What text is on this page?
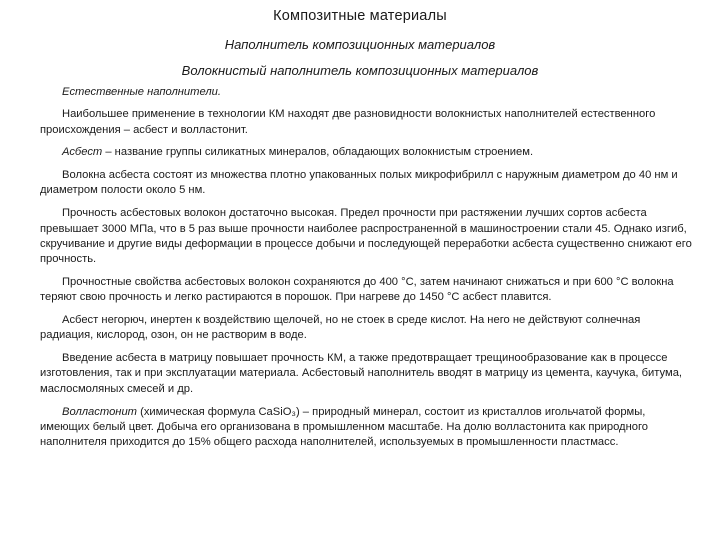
Композитные материалы
Наполнитель композиционных материалов
Волокнистый наполнитель композиционных материалов

Естественные наполнители.

Наибольшее применение в технологии КМ находят две разновидности волокнистых наполнителей естественного происхождения – асбест и волластонит.

Асбест – название группы силикатных минералов, обладающих волокнистым строением.

Волокна асбеста состоят из множества плотно упакованных полых микрофибрилл с наружным диаметром до 40 нм и диаметром полости около 5 нм.

Прочность асбестовых волокон достаточно высокая. Предел прочности при растяжении лучших сортов асбеста превышает 3000 МПа, что в 5 раз выше прочности наиболее распространенной в машиностроении стали 45. Однако изгиб, скручивание и другие виды деформации в процессе добычи и последующей переработки асбеста существенно снижают его прочность.

Прочностные свойства асбестовых волокон сохраняются до 400 °С, затем начинают снижаться и при 600 °С волокна теряют свою прочность и легко растираются в порошок. При нагреве до 1450 °С асбест плавится.

Асбест негорюч, инертен к воздействию щелочей, но не стоек в среде кислот. На него не действуют солнечная радиация, кислород, озон, он не растворим в воде.

Введение асбеста в матрицу повышает прочность КМ, а также предотвращает трещинообразование как в процессе изготовления, так и при эксплуатации материала. Асбестовый наполнитель вводят в матрицу из цемента, каучука, битума, маслосмоляных смесей и др.

Волластонит (химическая формула CaSiO₃) – природный минерал, состоит из кристаллов игольчатой формы, имеющих белый цвет. Добыча его организована в промышленном масштабе. На долю волластонита как природного наполнителя приходится до 15% общего расхода наполнителей, используемых в промышленности пластмасс.
